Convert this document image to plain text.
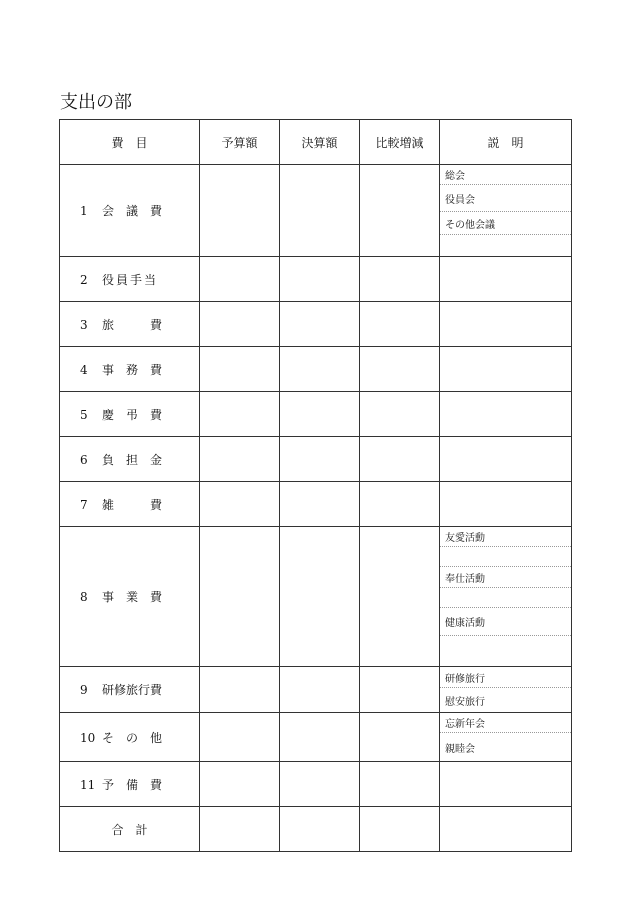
支出の部
費　目	予算額	決算額	比較増減	説　明
1 会議費				総会
役員会
その他会議

2 役員手当				
3 旅費				
4 事務費				
5 慶弔費				
6 負担金				
7 雑費				
8 事業費				友愛活動
奉仕活動
健康活動

9 研修旅行費				研修旅行
慰安旅行

10 その他				忘新年会
親睦会

11 予備費				
合　計				
